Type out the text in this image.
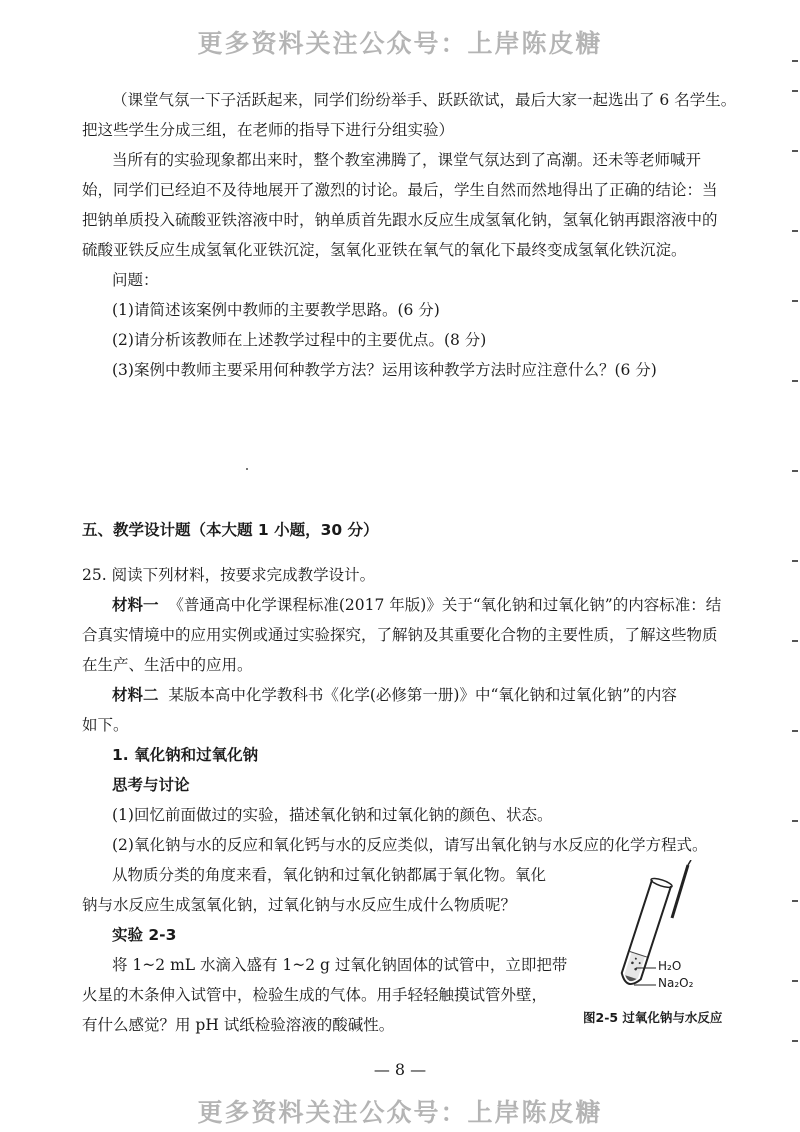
更多资料关注公众号：上岸陈皮糖
（课堂气氛一下子活跃起来，同学们纷纷举手、跃跃欲试，最后大家一起选出了 6 名学生。
把这些学生分成三组，在老师的指导下进行分组实验）
当所有的实验现象都出来时，整个教室沸腾了，课堂气氛达到了高潮。还未等老师喊开
始，同学们已经迫不及待地展开了激烈的讨论。最后，学生自然而然地得出了正确的结论：当
把钠单质投入硫酸亚铁溶液中时，钠单质首先跟水反应生成氢氧化钠，氢氧化钠再跟溶液中的
硫酸亚铁反应生成氢氧化亚铁沉淀，氢氧化亚铁在氧气的氧化下最终变成氢氧化铁沉淀。
问题：
(1)请简述该案例中教师的主要教学思路。(6 分)
(2)请分析该教师在上述教学过程中的主要优点。(8 分)
(3)案例中教师主要采用何种教学方法？运用该种教学方法时应注意什么？(6 分)
五、教学设计题（本大题 1 小题，30 分）
25. 阅读下列材料，按要求完成教学设计。
材料一 《普通高中化学课程标准(2017 年版)》关于“氧化钠和过氧化钠”的内容标准：结
合真实情境中的应用实例或通过实验探究，了解钠及其重要化合物的主要性质，了解这些物质
在生产、生活中的应用。
材料二 某版本高中化学教科书《化学(必修第一册)》中“氧化钠和过氧化钠”的内容
如下。
1. 氧化钠和过氧化钠
思考与讨论
(1)回忆前面做过的实验，描述氧化钠和过氧化钠的颜色、状态。
(2)氧化钠与水的反应和氧化钙与水的反应类似，请写出氧化钠与水反应的化学方程式。
从物质分类的角度来看，氧化钠和过氧化钠都属于氧化物。氧化
钠与水反应生成氢氧化钠，过氧化钠与水反应生成什么物质呢？
实验 2-3
将 1~2 mL 水滴入盛有 1~2 g 过氧化钠固体的试管中，立即把带
火星的木条伸入试管中，检验生成的气体。用手轻轻触摸试管外壁，
有什么感觉？用 pH 试纸检验溶液的酸碱性。
H₂O
Na₂O₂
图2-5 过氧化钠与水反应
— 8 —
更多资料关注公众号：上岸陈皮糖
